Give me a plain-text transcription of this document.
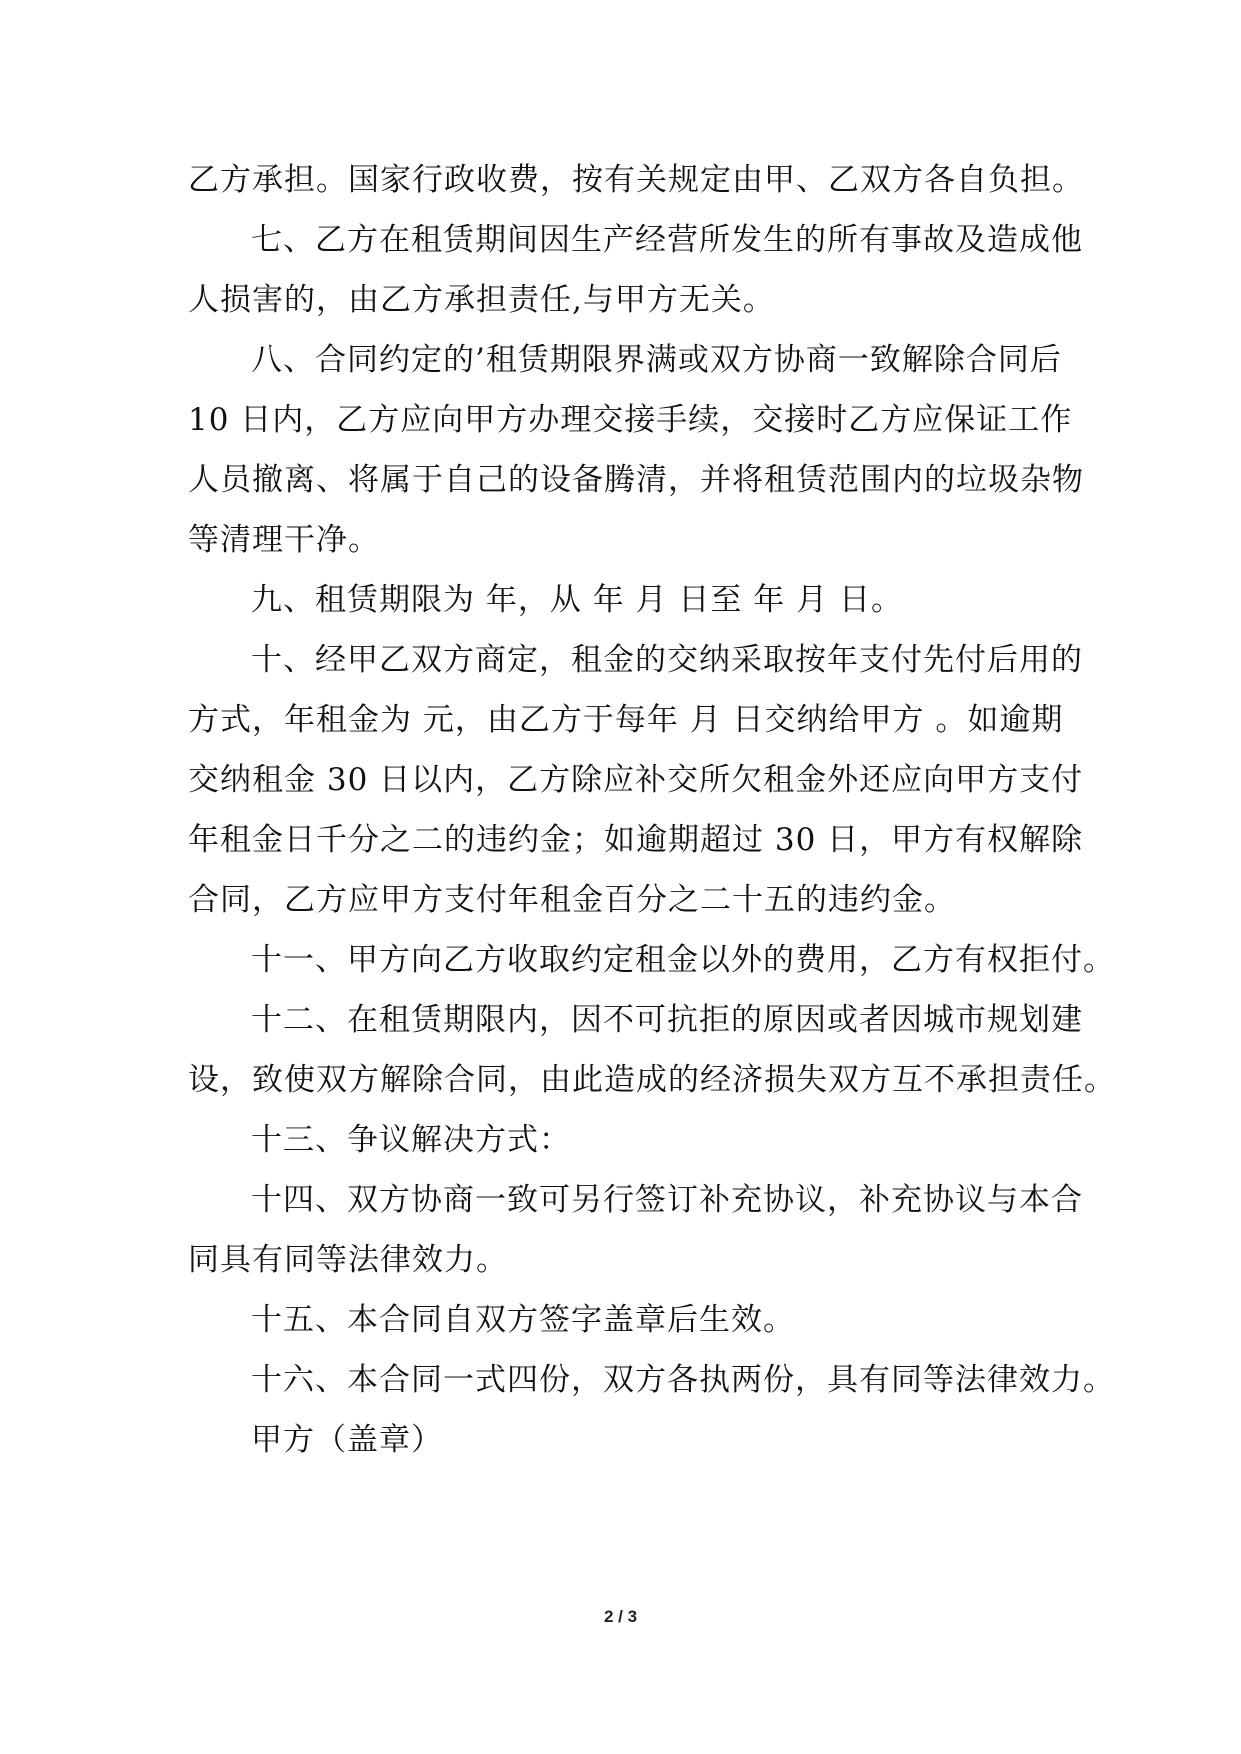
乙方承担。国家行政收费，按有关规定由甲、乙双方各自负担。
七、乙方在租赁期间因生产经营所发生的所有事故及造成他
人损害的，由乙方承担责任,与甲方无关。
八、合同约定的’租赁期限界满或双方协商一致解除合同后
10 日内，乙方应向甲方办理交接手续，交接时乙方应保证工作
人员撤离、将属于自己的设备腾清，并将租赁范围内的垃圾杂物
等清理干净。
九、租赁期限为 年，从 年 月 日至 年 月 日。
十、经甲乙双方商定，租金的交纳采取按年支付先付后用的
方式，年租金为 元，由乙方于每年 月 日交纳给甲方 。如逾期
交纳租金 30 日以内，乙方除应补交所欠租金外还应向甲方支付
年租金日千分之二的违约金；如逾期超过 30 日，甲方有权解除
合同，乙方应甲方支付年租金百分之二十五的违约金。
十一、甲方向乙方收取约定租金以外的费用，乙方有权拒付。
十二、在租赁期限内，因不可抗拒的原因或者因城市规划建
设，致使双方解除合同，由此造成的经济损失双方互不承担责任。
十三、争议解决方式：
十四、双方协商一致可另行签订补充协议，补充协议与本合
同具有同等法律效力。
十五、本合同自双方签字盖章后生效。
十六、本合同一式四份，双方各执两份，具有同等法律效力。
甲方（盖章）
2 / 3
